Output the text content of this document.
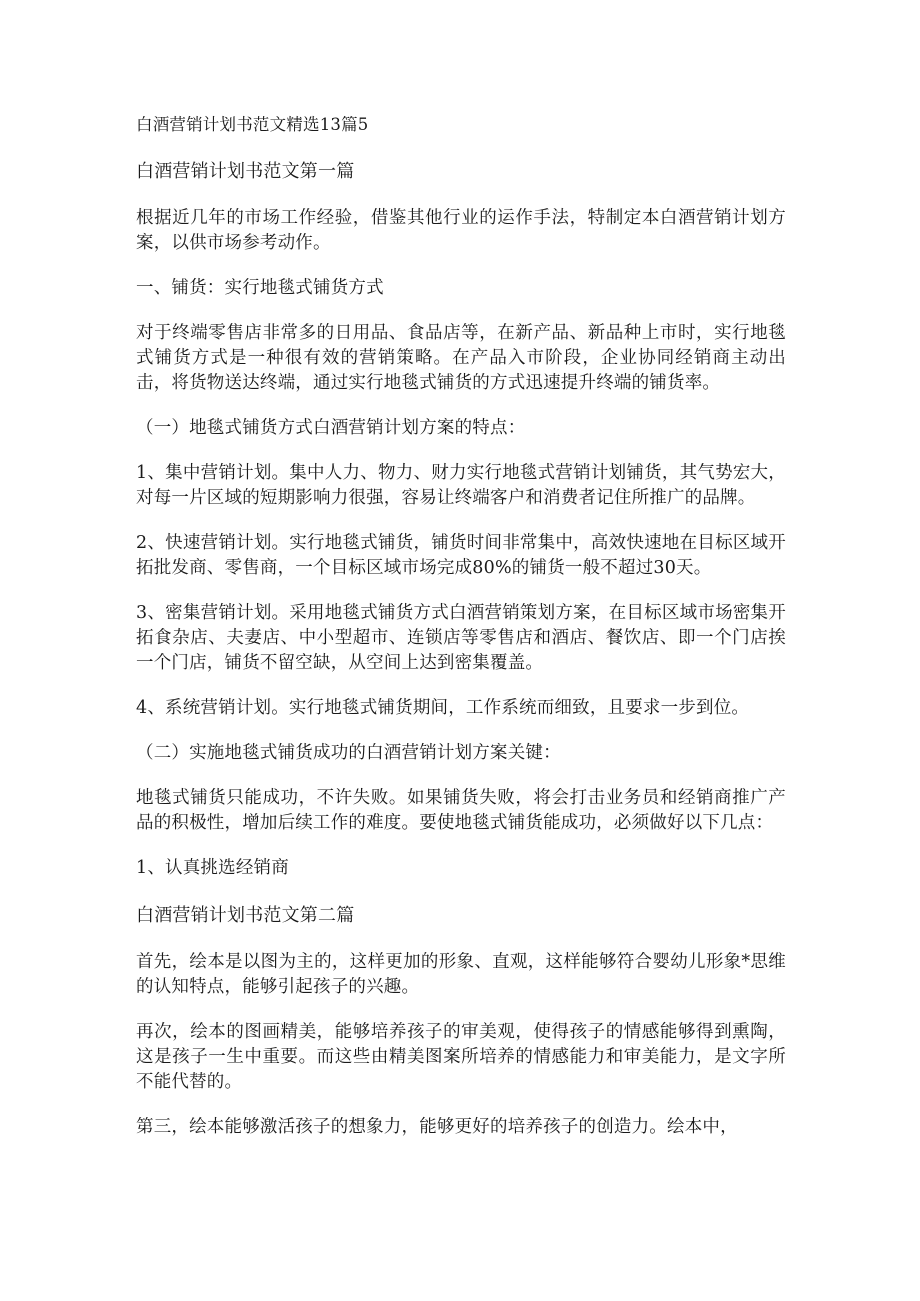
白酒营销计划书范文精选13篇5

白酒营销计划书范文第一篇

根据近几年的市场工作经验，借鉴其他行业的运作手法，特制定本白酒营销计划方案，以供市场参考动作。

一、铺货：实行地毯式铺货方式

对于终端零售店非常多的日用品、食品店等，在新产品、新品种上市时，实行地毯式铺货方式是一种很有效的营销策略。在产品入市阶段，企业协同经销商主动出击，将货物送达终端，通过实行地毯式铺货的方式迅速提升终端的铺货率。

（一）地毯式铺货方式白酒营销计划方案的特点：

1、集中营销计划。集中人力、物力、财力实行地毯式营销计划铺货，其气势宏大，对每一片区域的短期影响力很强，容易让终端客户和消费者记住所推广的品牌。

2、快速营销计划。实行地毯式铺货，铺货时间非常集中，高效快速地在目标区域开拓批发商、零售商，一个目标区域市场完成80%的铺货一般不超过30天。

3、密集营销计划。采用地毯式铺货方式白酒营销策划方案，在目标区域市场密集开拓食杂店、夫妻店、中小型超市、连锁店等零售店和酒店、餐饮店、即一个门店挨一个门店，铺货不留空缺，从空间上达到密集覆盖。

4、系统营销计划。实行地毯式铺货期间，工作系统而细致，且要求一步到位。

（二）实施地毯式铺货成功的白酒营销计划方案关键：

地毯式铺货只能成功，不许失败。如果铺货失败，将会打击业务员和经销商推广产品的积极性，增加后续工作的难度。要使地毯式铺货能成功，必须做好以下几点：

1、认真挑选经销商

白酒营销计划书范文第二篇

首先，绘本是以图为主的，这样更加的形象、直观，这样能够符合婴幼儿形象*思维的认知特点，能够引起孩子的兴趣。

再次，绘本的图画精美，能够培养孩子的审美观，使得孩子的情感能够得到熏陶，这是孩子一生中重要。而这些由精美图案所培养的情感能力和审美能力，是文字所不能代替的。

第三，绘本能够激活孩子的想象力，能够更好的培养孩子的创造力。绘本中，
